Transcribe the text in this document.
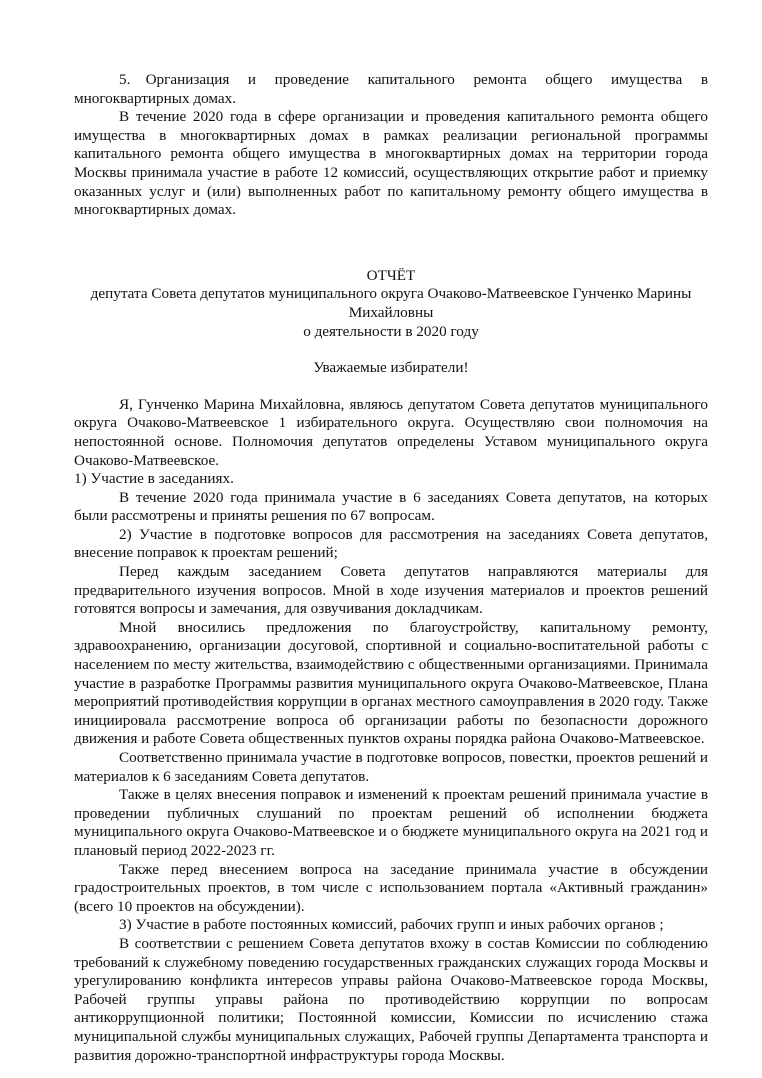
5. Организация и проведение капитального ремонта общего имущества в многоквартирных домах.

В течение 2020 года в сфере организации и проведения капитального ремонта общего имущества в многоквартирных домах в рамках реализации региональной программы капитального ремонта общего имущества в многоквартирных домах на территории города Москвы принимала участие в работе 12 комиссий, осуществляющих открытие работ и приемку оказанных услуг и (или) выполненных работ по капитальному ремонту общего имущества в многоквартирных домах.

ОТЧЁТ

депутата Совета депутатов муниципального округа Очаково-Матвеевское Гунченко Марины

Михайловны

о деятельности в 2020 году

Уважаемые избиратели!

Я, Гунченко Марина Михайловна, являюсь депутатом Совета депутатов муниципального округа Очаково-Матвеевское 1 избирательного округа. Осуществляю свои полномочия на непостоянной основе. Полномочия депутатов определены Уставом муниципального округа Очаково-Матвеевское.

1) Участие в заседаниях.

В течение 2020 года принимала участие в 6 заседаниях Совета депутатов, на которых были рассмотрены и приняты решения по 67 вопросам.

2) Участие в подготовке вопросов для рассмотрения на заседаниях Совета депутатов, внесение поправок к проектам решений;

Перед каждым заседанием Совета депутатов направляются материалы для предварительного изучения вопросов. Мной в ходе изучения материалов и проектов решений готовятся вопросы и замечания, для озвучивания докладчикам.

Мной вносились предложения по благоустройству, капитальному ремонту, здравоохранению, организации досуговой, спортивной и социально-воспитательной работы с населением по месту жительства, взаимодействию с общественными организациями. Принимала участие в разработке Программы развития муниципального округа Очаково-Матвеевское, Плана мероприятий противодействия коррупции в органах местного самоуправления в 2020 году. Также инициировала рассмотрение вопроса об организации работы по безопасности дорожного движения и работе Совета общественных пунктов охраны порядка района Очаково-Матвеевское.

Соответственно принимала участие в подготовке вопросов, повестки, проектов решений и материалов к 6 заседаниям Совета депутатов.

Также в целях внесения поправок и изменений к проектам решений принимала участие в проведении публичных слушаний по проектам решений об исполнении бюджета муниципального округа Очаково-Матвеевское и о бюджете муниципального округа на 2021 год и плановый период 2022-2023 гг.

Также перед внесением вопроса на заседание принимала участие в обсуждении градостроительных проектов, в том числе с использованием портала «Активный гражданин» (всего 10 проектов на обсуждении).

3) Участие в работе постоянных комиссий, рабочих групп и иных рабочих органов ;

В соответствии с решением Совета депутатов вхожу в состав Комиссии по соблюдению требований к служебному поведению государственных гражданских служащих города Москвы и урегулированию конфликта интересов управы района Очаково-Матвеевское города Москвы, Рабочей группы управы района по противодействию коррупции по вопросам антикоррупционной политики; Постоянной комиссии, Комиссии по исчислению стажа муниципальной службы муниципальных служащих, Рабочей группы Департамента транспорта и развития дорожно-транспортной инфраструктуры города Москвы.
